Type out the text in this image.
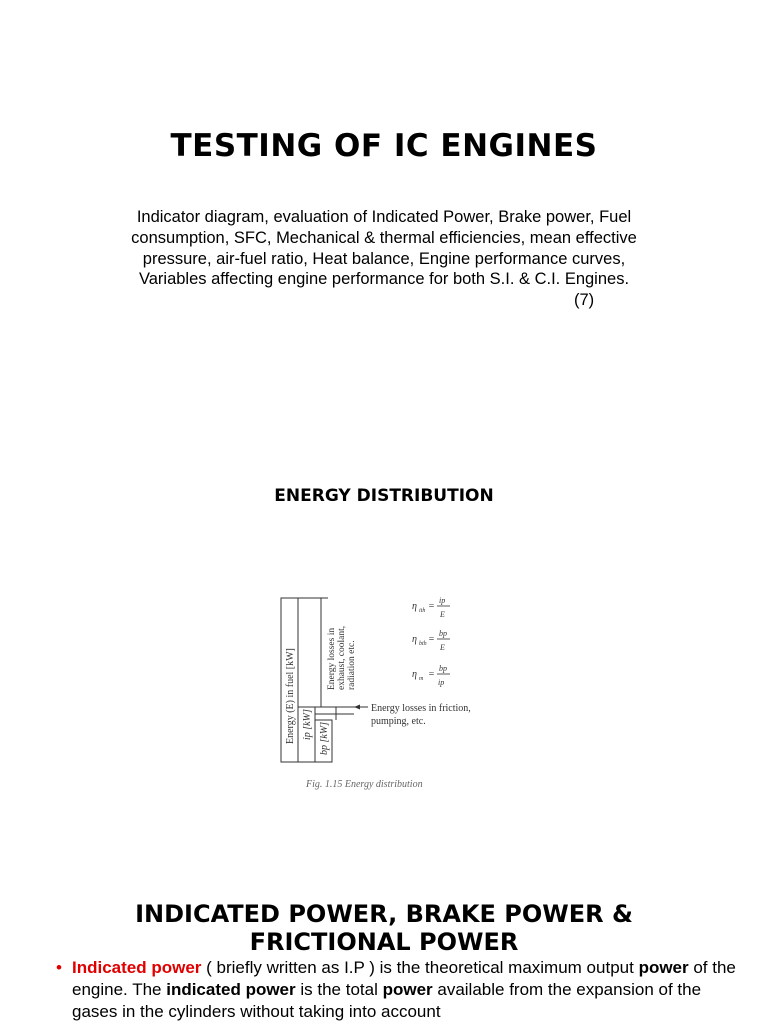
TESTING OF IC ENGINES
Indicator diagram, evaluation of Indicated Power, Brake power, Fuel
consumption, SFC, Mechanical & thermal efficiencies, mean effective
pressure, air-fuel ratio, Heat balance, Engine performance curves,
Variables affecting engine performance for both S.I. & C.I. Engines.
(7)
ENERGY DISTRIBUTION
Energy (E) in fuel [kW] ip [kW] bp [kW]
Energy losses in exhaust, coolant, radiation etc.
Energy losses in friction,
pumping, etc.
η ith =
ip
E
η bth =
bp
E
η m =
bp
ip
Fig. 1.15 Energy distribution
INDICATED POWER, BRAKE POWER &
FRICTIONAL POWER
• Indicated power ( briefly written as I.P ) is the theoretical maximum output power of the engine. The indicated power is the total power available from the expansion of the gases in the cylinders without taking into account
